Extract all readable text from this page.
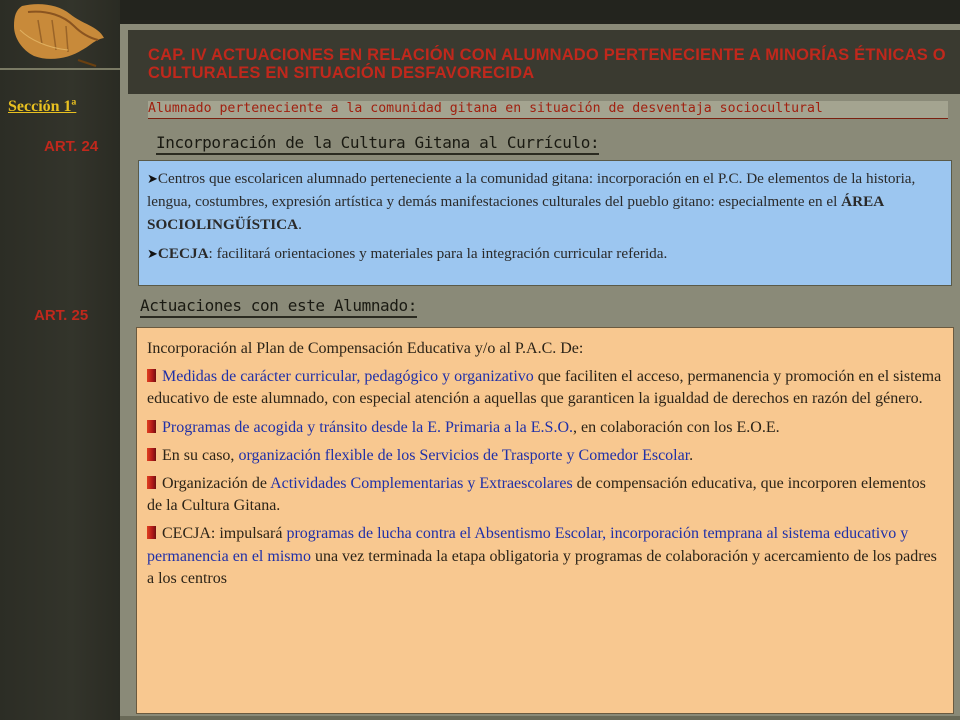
CAP. IV ACTUACIONES EN RELACIÓN CON ALUMNADO PERTENECIENTE A MINORÍAS ÉTNICAS O CULTURALES EN SITUACIÓN DESFAVORECIDA
Sección 1ª	Alumnado perteneciente a la comunidad gitana en situación de desventaja sociocultural
ART. 24	Incorporación de la Cultura Gitana al Currículo:

➤Centros que escolaricen alumnado perteneciente a la comunidad gitana: incorporación en el P.C. De elementos de la historia, lengua, costumbres, expresión artística y demás manifestaciones culturales del pueblo gitano: especialmente en el ÁREA SOCIOLINGÜÍSTICA.

➤CECJA: facilitará orientaciones y materiales para la integración curricular referida.

ART. 25
Actuaciones con este Alumnado:

Incorporación al Plan de Compensación Educativa y/o al P.A.C. De:

Medidas de carácter curricular, pedagógico y organizativo que faciliten el acceso, permanencia y promoción en el sistema educativo de este alumnado, con especial atención a aquellas que garanticen la igualdad de derechos en razón del género.

Programas de acogida y tránsito desde la E. Primaria a la E.S.O., en colaboración con los E.O.E.

En su caso, organización flexible de los Servicios de Trasporte y Comedor Escolar.

Organización de Actividades Complementarias y Extraescolares de compensación educativa, que incorporen elementos de la Cultura Gitana.

CECJA: impulsará programas de lucha contra el Absentismo Escolar, incorporación temprana al sistema educativo y permanencia en el mismo una vez terminada la etapa obligatoria y programas de colaboración y acercamiento de los padres a los centros
